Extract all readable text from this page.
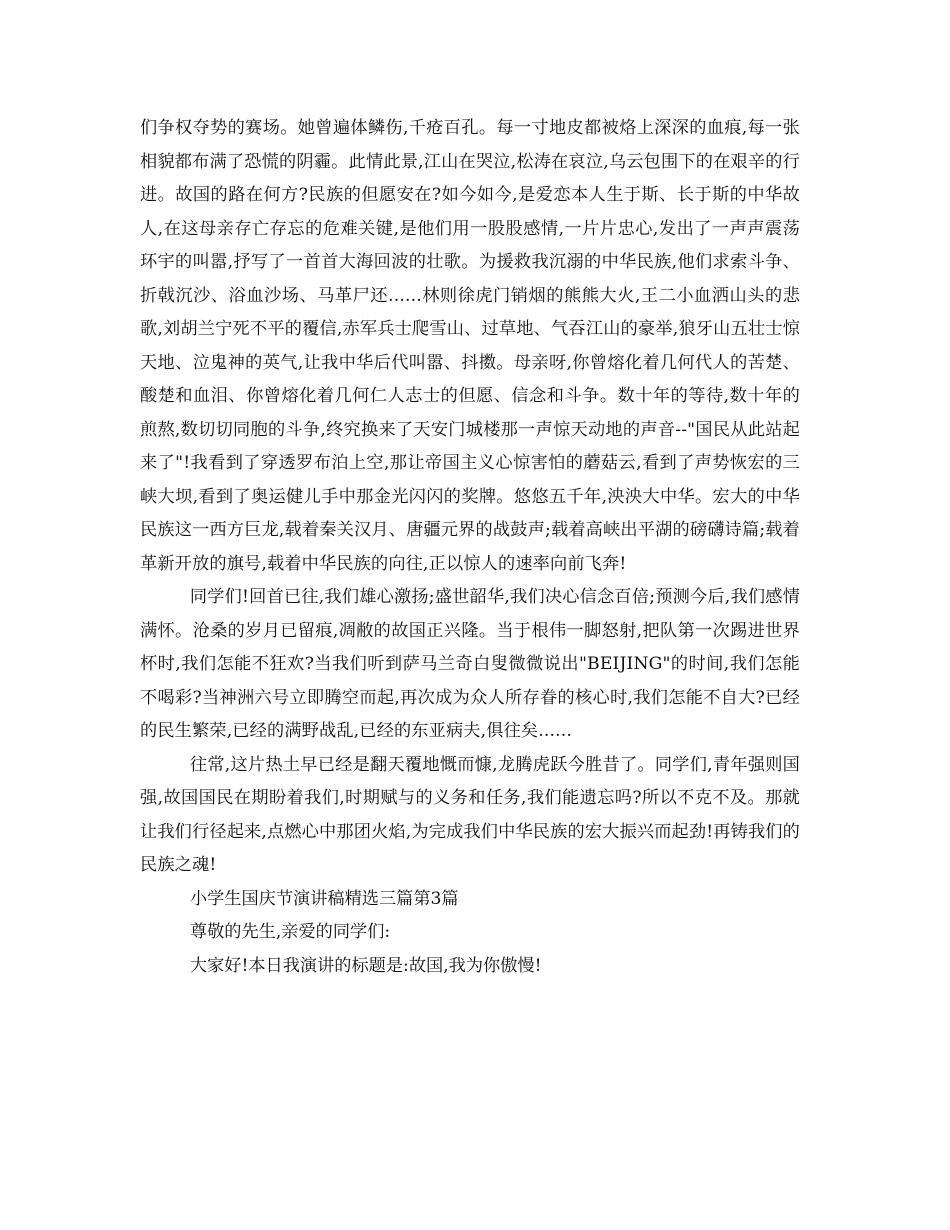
们争权夺势的赛场。她曾遍体鳞伤,千疮百孔。每一寸地皮都被烙上深深的血痕,每一张相貌都布满了恐慌的阴霾。此情此景,江山在哭泣,松涛在哀泣,乌云包围下的在艰辛的行进。故国的路在何方?民族的但愿安在?如今如今,是爱恋本人生于斯、长于斯的中华故人,在这母亲存亡存忘的危难关键,是他们用一股股感情,一片片忠心,发出了一声声震荡环宇的叫嚣,抒写了一首首大海回波的壮歌。为援救我沉溺的中华民族,他们求索斗争、折戟沉沙、浴血沙场、马革尸还......林则徐虎门销烟的熊熊大火,王二小血洒山头的悲歌,刘胡兰宁死不平的覆信,赤军兵士爬雪山、过草地、气吞江山的豪举,狼牙山五壮士惊天地、泣鬼神的英气,让我中华后代叫嚣、抖擞。母亲呀,你曾熔化着几何代人的苦楚、酸楚和血泪、你曾熔化着几何仁人志士的但愿、信念和斗争。数十年的等待,数十年的煎熬,数切切同胞的斗争,终究换来了天安门城楼那一声惊天动地的声音--"国民从此站起来了"!我看到了穿透罗布泊上空,那让帝国主义心惊害怕的蘑菇云,看到了声势恢宏的三峡大坝,看到了奥运健儿手中那金光闪闪的奖牌。悠悠五千年,泱泱大中华。宏大的中华民族这一西方巨龙,载着秦关汉月、唐疆元界的战鼓声;载着高峡出平湖的磅礴诗篇;载着革新开放的旗号,载着中华民族的向往,正以惊人的速率向前飞奔!

同学们!回首已往,我们雄心激扬;盛世韶华,我们决心信念百倍;预测今后,我们感情满怀。沧桑的岁月已留痕,凋敝的故国正兴隆。当于根伟一脚怒射,把队第一次踢进世界杯时,我们怎能不狂欢?当我们听到萨马兰奇白叟微微说出"BEIJING"的时间,我们怎能不喝彩?当神洲六号立即腾空而起,再次成为众人所存眷的核心时,我们怎能不自大?已经的民生繁荣,已经的满野战乱,已经的东亚病夫,俱往矣......

往常,这片热土早已经是翻天覆地慨而慷,龙腾虎跃今胜昔了。同学们,青年强则国强,故国国民在期盼着我们,时期赋与的义务和任务,我们能遗忘吗?所以不克不及。那就让我们行径起来,点燃心中那团火焰,为完成我们中华民族的宏大振兴而起劲!再铸我们的民族之魂!

小学生国庆节演讲稿精选三篇第3篇

尊敬的先生,亲爱的同学们:

大家好!本日我演讲的标题是:故国,我为你傲慢!
